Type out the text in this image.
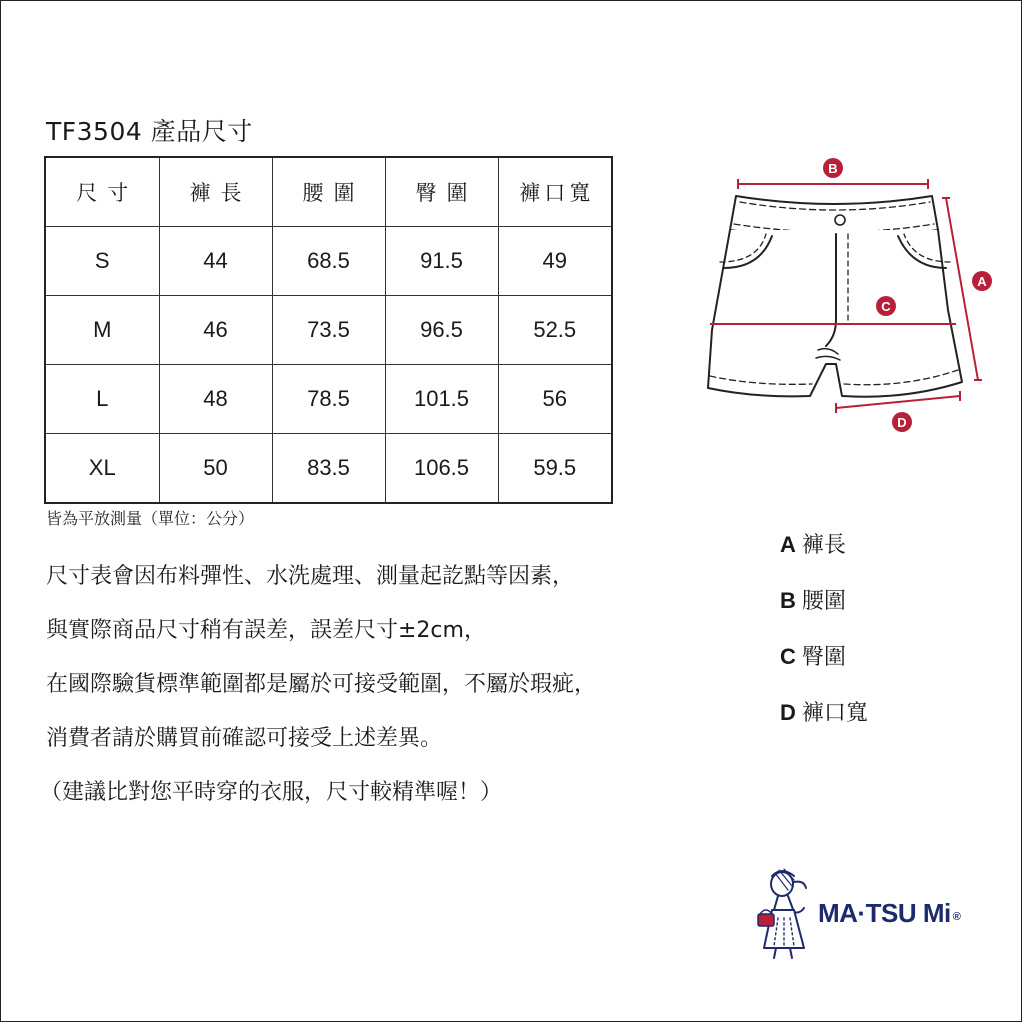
TF3504 產品尺寸
尺寸	褲長	腰圍	臀圍	褲口寬
S	44	68.5	91.5	49
M	46	73.5	96.5	52.5
L	48	78.5	101.5	56
XL	50	83.5	106.5	59.5
皆為平放測量（單位：公分）
尺寸表會因布料彈性、水洗處理、測量起訖點等因素，
與實際商品尺寸稍有誤差，誤差尺寸±2cm，
在國際驗貨標準範圍都是屬於可接受範圍，不屬於瑕疵，
消費者請於購買前確認可接受上述差異。
（建議比對您平時穿的衣服，尺寸較精準喔！）
B
A
C
D
A 褲長
B 腰圍
C 臀圍
D 褲口寬
MA·TSU Mi ®
